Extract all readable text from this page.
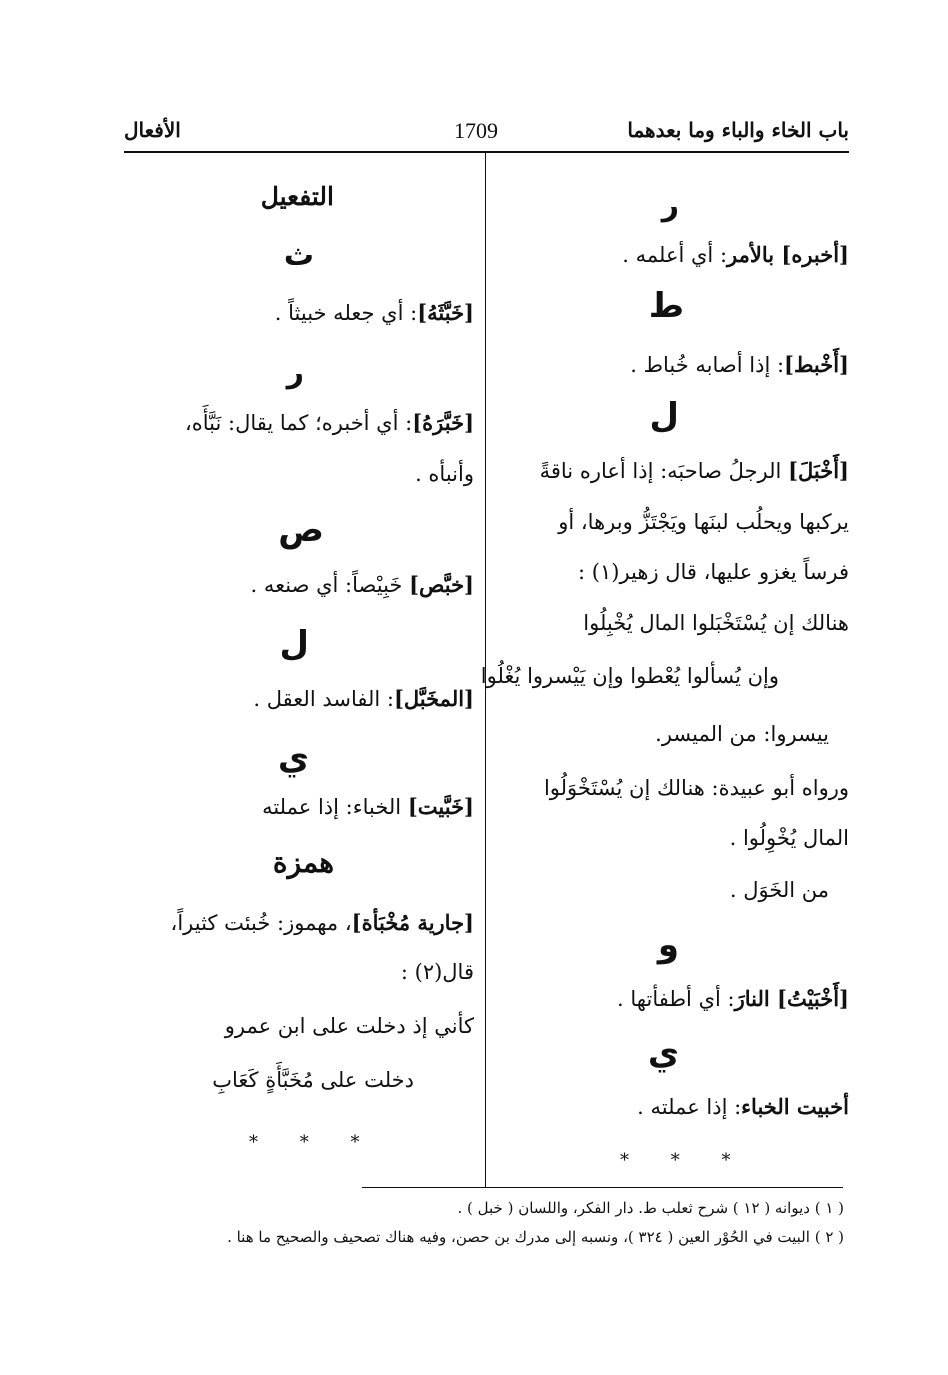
باب الخاء والباء وما بعدهما
1709
الأفعال
ر
[أخبره] بالأمر: أي أعلمه .
ط
[أَخْبط]: إذا أصابه خُباط .
ل
[أَخْبَلَ] الرجلُ صاحبَه: إذا أعاره ناقةً
يركبها ويحلُب لبنَها ويَجْتَزُّ وبرها، أو
فرساً يغزو عليها، قال زهير(١) :
هنالك إن يُسْتَخْبَلوا المال يُخْبِلُوا
وإن يُسألوا يُعْطوا وإن يَيْسروا يُغْلُوا
ييسروا: من الميسر.
ورواه أبو عبيدة: هنالك إن يُسْتَخْوَلُوا
المال يُخْوِلُوا .
من الخَوَل .
و
[أَخْبَيْتُ] النارَ: أي أطفأتها .
ي
أخبيت الخباء: إذا عملته .
* * *
التفعيل
ث
[خَبَّثَهُ]: أي جعله خبيثاً .
ر
[خَبَّرَهُ]: أي أخبره؛ كما يقال: نَبَّأَه،
وأنبأه .
ص
[خبَّص] خَبِيْصاً: أي صنعه .
ل
[المخَبَّل]: الفاسد العقل .
ي
[خَبَّيت] الخباء: إذا عملته
همزة
[جارية مُخْبَأة]، مهموز: خُبئت كثيراً،
قال(٢) :
كأني إذ دخلت على ابن عمرو
دخلت على مُخَبَّأَةٍ كَعَابِ
* * *
( ١ ) ديوانه ( ١٢ ) شرح ثعلب ط. دار الفكر، واللسان ( خبل ) .
( ٢ ) البيت في الحُوْر العين ( ٣٢٤ )، ونسبه إلى مدرك بن حصن، وفيه هناك تصحيف والصحيح ما هنا .
